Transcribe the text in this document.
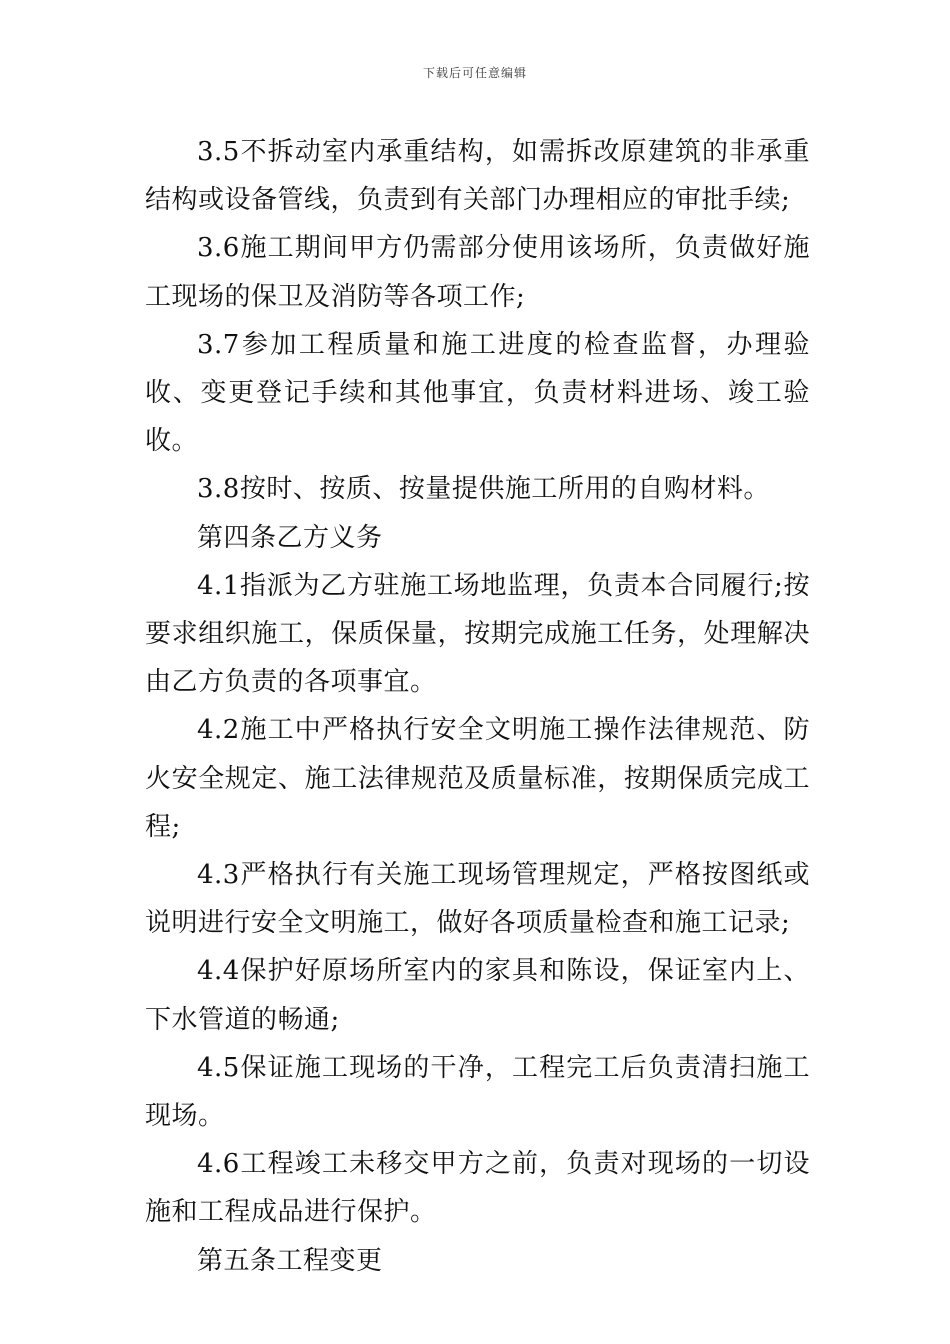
下载后可任意编辑

3.5不拆动室内承重结构，如需拆改原建筑的非承重结构或设备管线，负责到有关部门办理相应的审批手续;

3.6施工期间甲方仍需部分使用该场所，负责做好施工现场的保卫及消防等各项工作;

3.7参加工程质量和施工进度的检查监督，办理验收、变更登记手续和其他事宜，负责材料进场、竣工验收。

3.8按时、按质、按量提供施工所用的自购材料。

第四条乙方义务

4.1指派为乙方驻施工场地监理，负责本合同履行;按要求组织施工，保质保量，按期完成施工任务，处理解决由乙方负责的各项事宜。

4.2施工中严格执行安全文明施工操作法律规范、防火安全规定、施工法律规范及质量标准，按期保质完成工程;

4.3严格执行有关施工现场管理规定，严格按图纸或说明进行安全文明施工，做好各项质量检查和施工记录;

4.4保护好原场所室内的家具和陈设，保证室内上、下水管道的畅通;

4.5保证施工现场的干净，工程完工后负责清扫施工现场。

4.6工程竣工未移交甲方之前，负责对现场的一切设施和工程成品进行保护。

第五条工程变更
